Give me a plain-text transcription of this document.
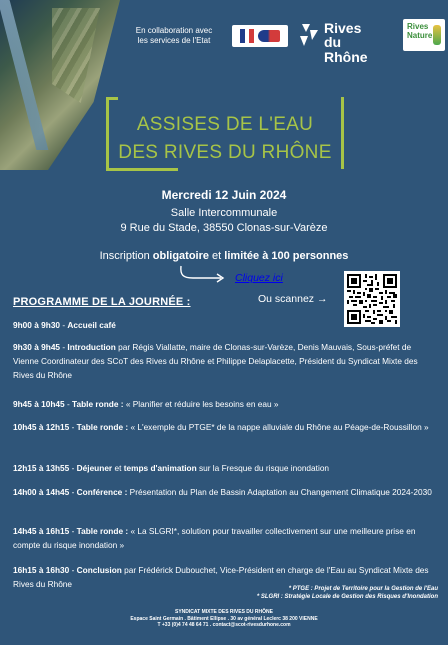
En collaboration avec
les services de l'Etat
Rives
du Rhône
Rives
Nature
ASSISES DE L'EAU
DES RIVES DU RHÔNE
Mercredi 12 Juin 2024
Salle Intercommunale
9 Rue du Stade, 38550 Clonas-sur-Varèze
Inscription obligatoire et limitée à 100 personnes
Cliquez ici
Ou scannez →
PROGRAMME DE LA JOURNÉE :
9h00 à 9h30 - Accueil café
9h30 à 9h45 - Introduction par Régis Viallatte, maire de Clonas-sur-Varèze, Denis Mauvais, Sous-préfet de Vienne Coordinateur des SCoT des Rives du Rhône et Philippe Delaplacette, Président du Syndicat Mixte des Rives du Rhône
9h45 à 10h45 - Table ronde : « Planifier et réduire les besoins en eau »
10h45 à 12h15 - Table ronde : « L'exemple du PTGE* de la nappe alluviale du Rhône au Péage-de-Roussillon »
12h15 à 13h55 - Déjeuner et temps d'animation sur la Fresque du risque inondation
14h00 à 14h45 - Conférence : Présentation du Plan de Bassin Adaptation au Changement Climatique 2024-2030
14h45 à 16h15 - Table ronde : « La SLGRI*, solution pour travailler collectivement sur une meilleure prise en compte du risque inondation »
16h15 à 16h30 - Conclusion par Frédérick Dubouchet, Vice-Président en charge de l'Eau au Syndicat Mixte des Rives du Rhône	* PTGE : Projet de Territoire pour la Gestion de l'Eau
* SLGRI : Stratégie Locale de Gestion des Risques d'Inondation
SYNDICAT MIXTE DES RIVES DU RHÔNE
Espace Saint Germain . Bâtiment Ellipse . 30 av général Leclerc 38 200 VIENNE
T +33 (0)4 74 48 64 71 . contact@scot-rivesdurhone.com
